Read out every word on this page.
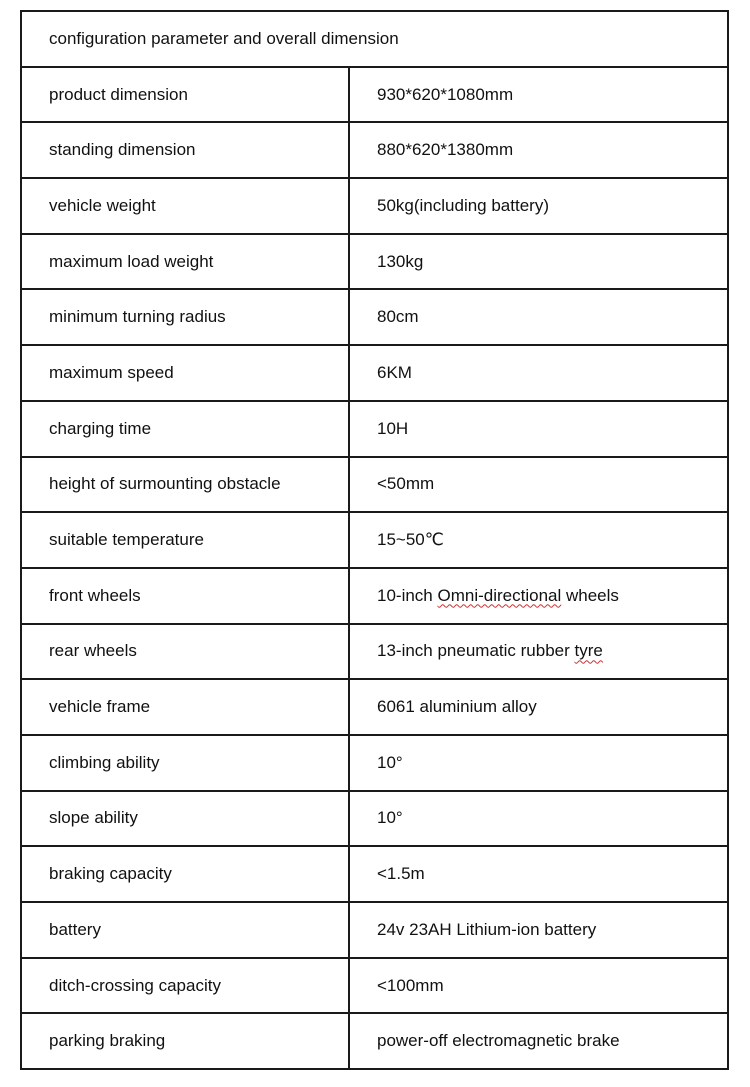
configuration parameter and overall dimension	
product dimension	930*620*1080mm
standing dimension	880*620*1380mm
vehicle weight	50kg(including battery)
maximum load weight	130kg
minimum turning radius	80cm
maximum speed	6KM
charging time	10H
height of surmounting obstacle	<50mm
suitable temperature	15~50℃
front wheels	10-inch Omni-directional wheels
rear wheels	13-inch pneumatic rubber tyre
vehicle frame	6061 aluminium alloy
climbing ability	10°
slope ability	10°
braking capacity	<1.5m
battery	24v 23AH Lithium-ion battery
ditch-crossing capacity	<100mm
parking braking	power-off electromagnetic brake
